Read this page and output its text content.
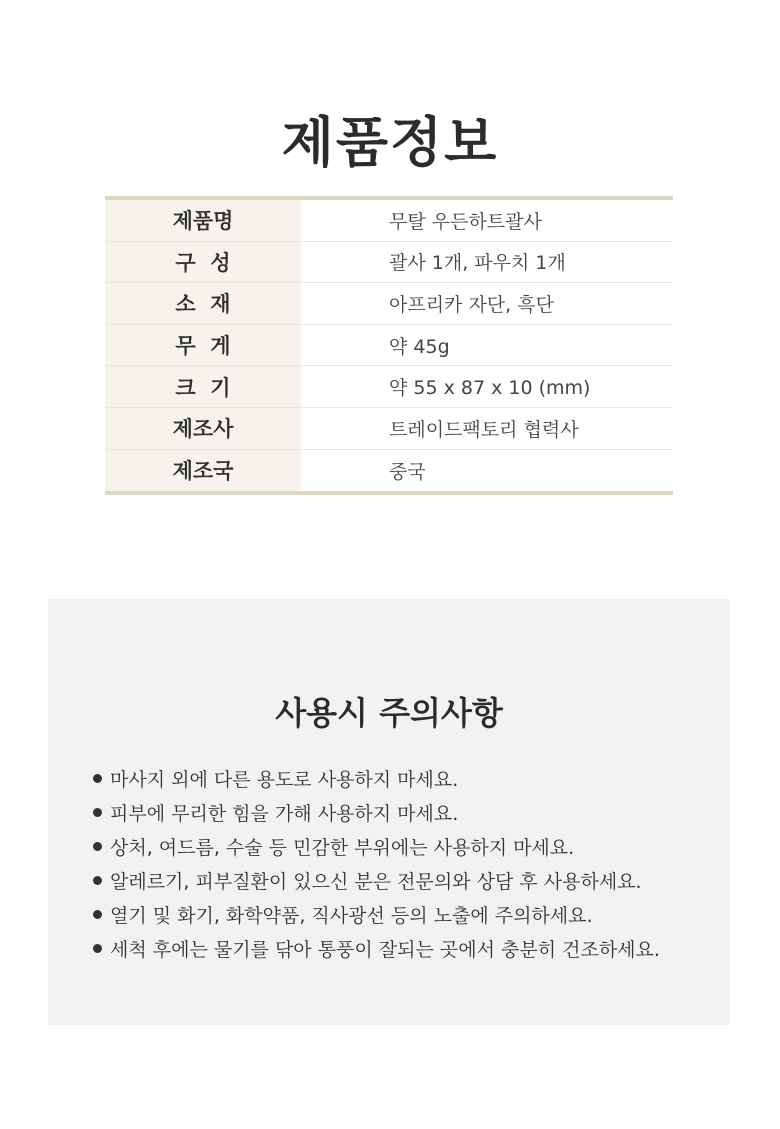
제품정보
제품명	무탈 우든하트괄사
구  성	괄사 1개, 파우치 1개
소  재	아프리카 자단, 흑단
무  게	약 45g
크  기	약 55 x 87 x 10 (mm)
제조사	트레이드팩토리 협력사
제조국	중국
사용시 주의사항
마사지 외에 다른 용도로 사용하지 마세요.
피부에 무리한 힘을 가해 사용하지 마세요.
상처, 여드름, 수술 등 민감한 부위에는 사용하지 마세요.
알레르기, 피부질환이 있으신 분은 전문의와 상담 후 사용하세요.
열기 및 화기, 화학약품, 직사광선 등의 노출에 주의하세요.
세척 후에는 물기를 닦아 통풍이 잘되는 곳에서 충분히 건조하세요.
